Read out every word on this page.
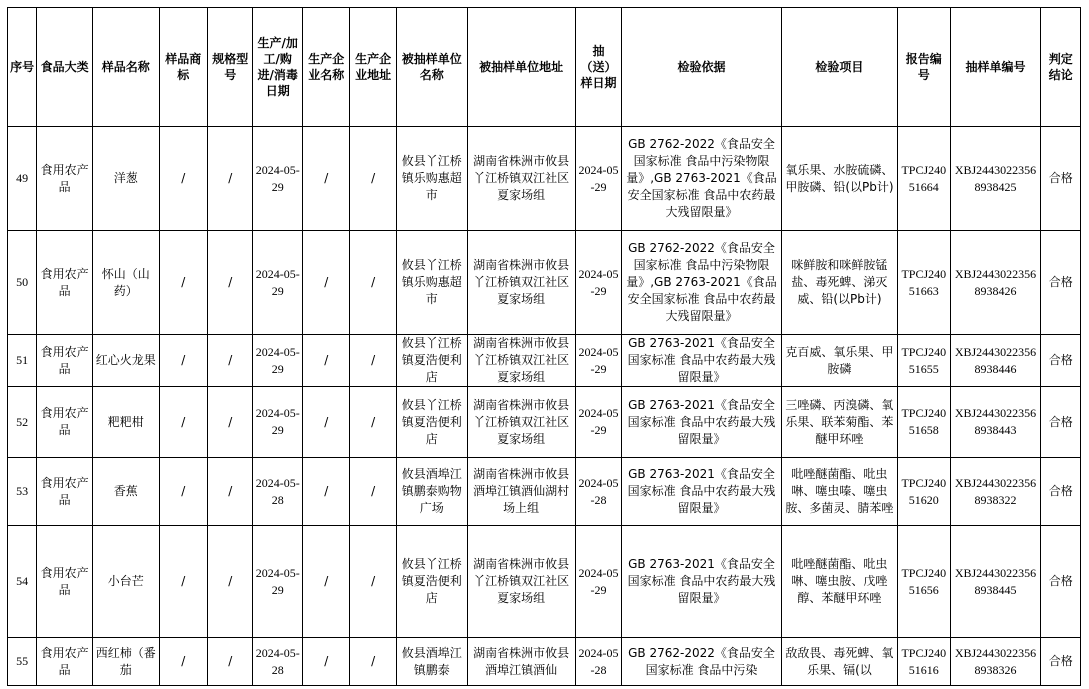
序号	食品大类	样品名称	样品商标	规格型号	生产/加工/购进/消毒日期	生产企业名称	生产企业地址	被抽样单位名称	被抽样单位地址	抽（送）样日期	检验依据	检验项目	报告编号	抽样单编号	判定结论
49	食用农产品	洋葱	/	/	2024-05-29	/	/	攸县丫江桥镇乐购惠超市	湖南省株洲市攸县丫江桥镇双江社区夏家场组	2024-05-29	GB 2762-2022《食品安全国家标准 食品中污染物限量》,GB 2763-2021《食品安全国家标准 食品中农药最大残留限量》	氧乐果、水胺硫磷、甲胺磷、铅(以Pb计)	TPCJ24051664	XBJ24430223568938425	合格
50	食用农产品	怀山（山药）	/	/	2024-05-29	/	/	攸县丫江桥镇乐购惠超市	湖南省株洲市攸县丫江桥镇双江社区夏家场组	2024-05-29	GB 2762-2022《食品安全国家标准 食品中污染物限量》,GB 2763-2021《食品安全国家标准 食品中农药最大残留限量》	咪鲜胺和咪鲜胺锰盐、毒死蜱、涕灭威、铅(以Pb计)	TPCJ24051663	XBJ24430223568938426	合格
51	食用农产品	红心火龙果	/	/	2024-05-29	/	/	攸县丫江桥镇夏浩便利店	湖南省株洲市攸县丫江桥镇双江社区夏家场组	2024-05-29	GB 2763-2021《食品安全国家标准 食品中农药最大残留限量》	克百威、氧乐果、甲胺磷	TPCJ24051655	XBJ24430223568938446	合格
52	食用农产品	粑粑柑	/	/	2024-05-29	/	/	攸县丫江桥镇夏浩便利店	湖南省株洲市攸县丫江桥镇双江社区夏家场组	2024-05-29	GB 2763-2021《食品安全国家标准 食品中农药最大残留限量》	三唑磷、丙溴磷、氧乐果、联苯菊酯、苯醚甲环唑	TPCJ24051658	XBJ24430223568938443	合格
53	食用农产品	香蕉	/	/	2024-05-28	/	/	攸县酒埠江镇鹏泰购物广场	湖南省株洲市攸县酒埠江镇酒仙湖村场上组	2024-05-28	GB 2763-2021《食品安全国家标准 食品中农药最大残留限量》	吡唑醚菌酯、吡虫啉、噻虫嗪、噻虫胺、多菌灵、腈苯唑	TPCJ24051620	XBJ24430223568938322	合格
54	食用农产品	小台芒	/	/	2024-05-29	/	/	攸县丫江桥镇夏浩便利店	湖南省株洲市攸县丫江桥镇双江社区夏家场组	2024-05-29	GB 2763-2021《食品安全国家标准 食品中农药最大残留限量》	吡唑醚菌酯、吡虫啉、噻虫胺、戊唑醇、苯醚甲环唑	TPCJ24051656	XBJ24430223568938445	合格
55	食用农产品	西红柿（番茄	/	/	2024-05-28	/	/	攸县酒埠江镇鹏泰	湖南省株洲市攸县酒埠江镇酒仙	2024-05-28	GB 2762-2022《食品安全国家标准 食品中污染	敌敌畏、毒死蜱、氧乐果、镉(以	TPCJ24051616	XBJ24430223568938326	合格
